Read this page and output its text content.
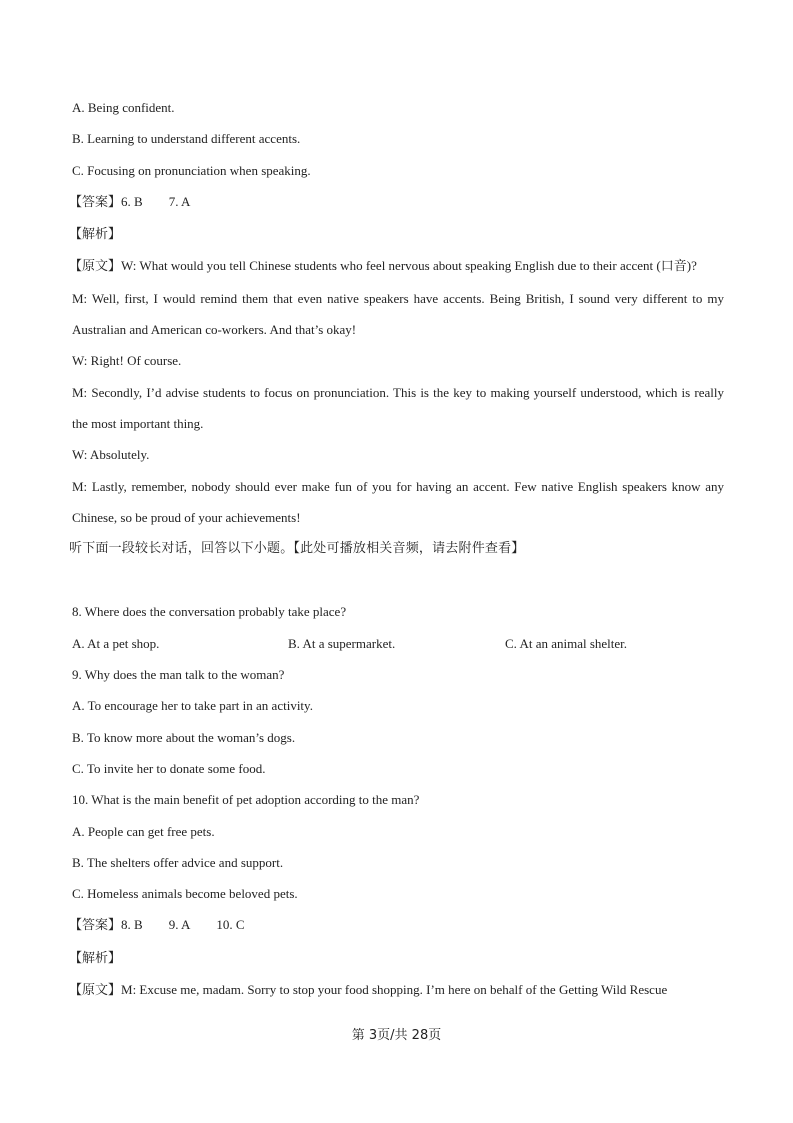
A. Being confident.
B. Learning to understand different accents.
C. Focusing on pronunciation when speaking.
【答案】6. B 7. A
【解析】
【原文】W: What would you tell Chinese students who feel nervous about speaking English due to their accent (口音)?
M: Well, first, I would remind them that even native speakers have accents. Being British, I sound very different to my Australian and American co-workers. And that’s okay!
W: Right! Of course.
M: Secondly, I’d advise students to focus on pronunciation. This is the key to making yourself understood, which is really the most important thing.
W: Absolutely.
M: Lastly, remember, nobody should ever make fun of you for having an accent. Few native English speakers know any Chinese, so be proud of your achievements!
听下面一段较长对话，回答以下小题。【此处可播放相关音频，请去附件查看】
8. Where does the conversation probably take place?
A. At a pet shop.	B. At a supermarket.	C. At an animal shelter.
9. Why does the man talk to the woman?
A. To encourage her to take part in an activity.
B. To know more about the woman’s dogs.
C. To invite her to donate some food.
10. What is the main benefit of pet adoption according to the man?
A. People can get free pets.
B. The shelters offer advice and support.
C. Homeless animals become beloved pets.
【答案】8. B 9. A 10. C
【解析】
【原文】M: Excuse me, madam. Sorry to stop your food shopping. I’m here on behalf of the Getting Wild Rescue
第 3页/共 28页
